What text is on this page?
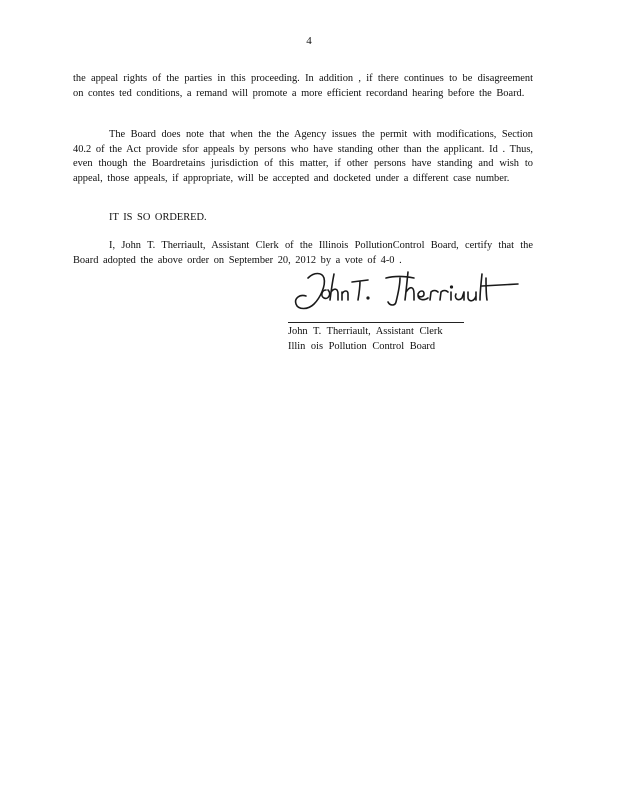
4

the appeal rights of the parties in this proceeding. In addition , if there continues to be disagreement on contes ted conditions, a remand will promote a more efficient recordand hearing before the Board.

The Board does note that when the the Agency issues the permit with modifications, Section 40.2 of the Act provide sfor appeals by persons who have standing other than the applicant. Id . Thus, even though the Boardretains jurisdiction of this matter, if other persons have standing and wish to appeal, those appeals, if appropriate, will be accepted and docketed under a different case number.

IT IS SO ORDERED.

I, John T. Therriault, Assistant Clerk of the Illinois PollutionControl Board, certify that the Board adopted the above order on September 20, 2012 by a vote of 4-0 .

John T. Therriault, Assistant Clerk
Illin ois Pollution Control Board
